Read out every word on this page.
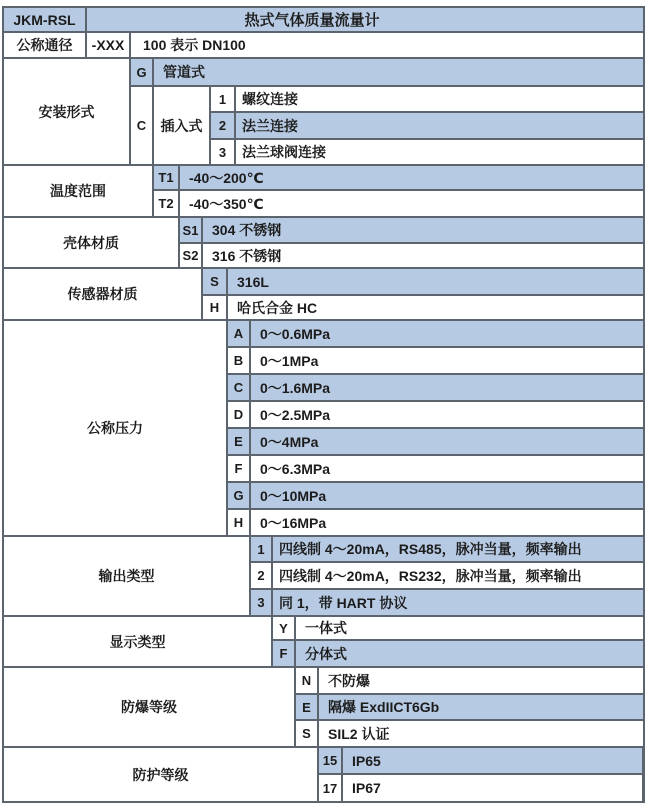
JKM-RSL	热式气体质量流量计
公称通径	-XXX	100 表示 DN100
安装形式
G	管道式
C	插入式
1	螺纹连接
2	法兰连接
3	法兰球阀连接
温度范围
T1	-40～200℃
T2	-40～350℃
壳体材质
S1 304 不锈钢
S2 316 不锈钢
传感器材质
S	316L
H	哈氏合金 HC
公称压力
A	0～0.6MPa
B	0～1MPa
C	0～1.6MPa
D	0～2.5MPa
E	0～4MPa
F	0～6.3MPa
G	0～10MPa
H	0～16MPa
输出类型
1	四线制 4～20mA，RS485，脉冲当量，频率输出
2	四线制 4～20mA，RS232，脉冲当量，频率输出
3	同 1，带 HART 协议
显示类型
Y	一体式
F	分体式
防爆等级
N	不防爆
E	隔爆 ExdIICT6Gb
S	SIL2 认证
防护等级
15	IP65
17	IP67
